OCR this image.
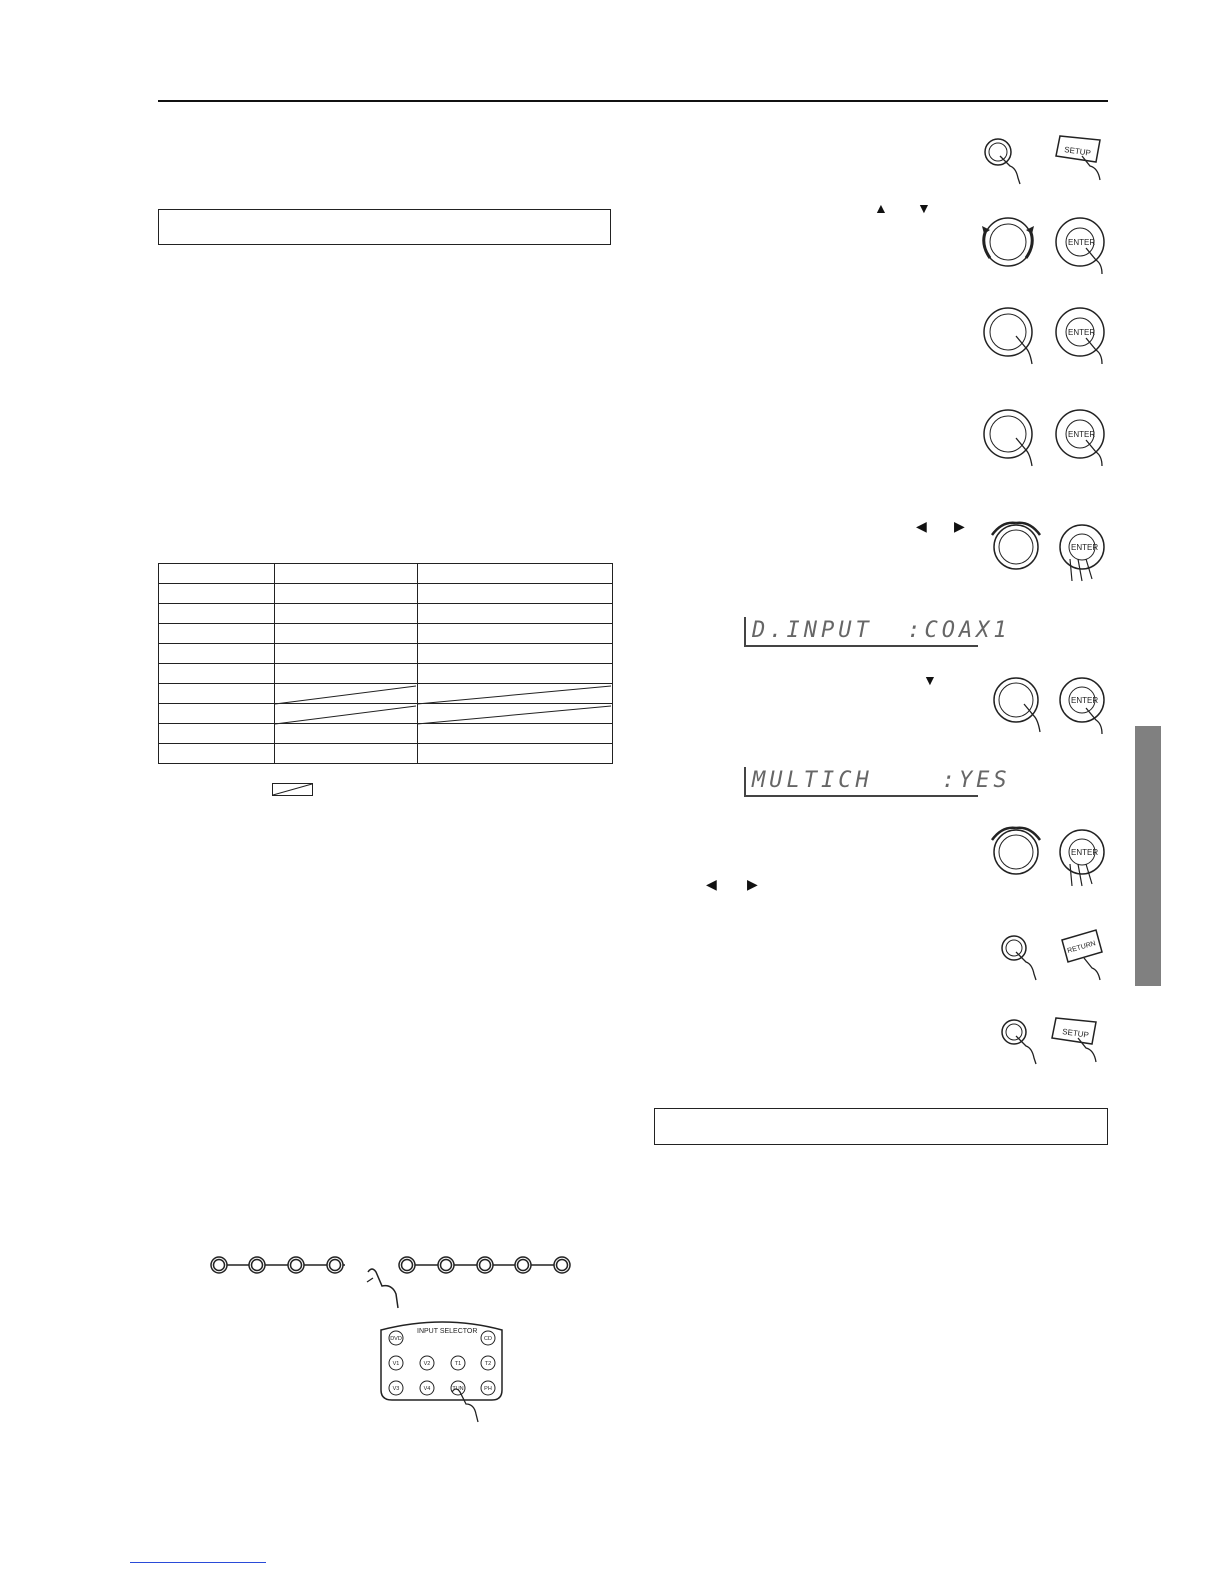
INPUT SELECTOR
DVD	CD
V1	V2	T1	T2
V3	V4	TUN	PH
SETUP
▲ ▼
ENTER
ENTER
ENTER
◀ ▶
ENTER
D.INPUT  :COAX1
▼
ENTER
MULTICH    :YES
ENTER
◀ ▶
RETURN
SETUP
